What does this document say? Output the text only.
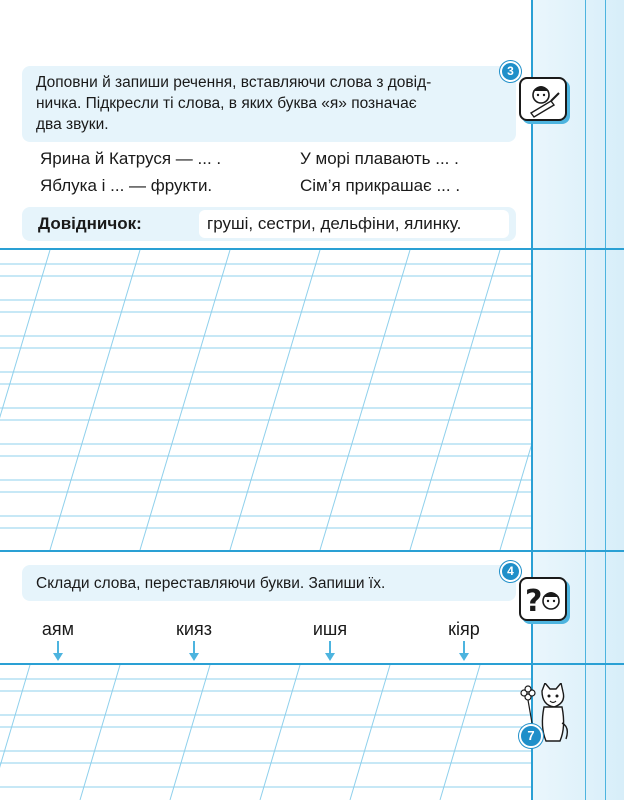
Доповни й запиши речення, вставляючи слова з довід-
ничка. Підкресли ті слова, в яких буква «я» позначає
два звуки.
3
Ярина й Катруся — ... .	У морі плавають ... .
Яблука і ... — фрукти.	Сім’я прикрашає ... .
Довідничок:	груші, сестри, дельфіни, ялинку.
Склади слова, переставляючи букви. Запиши їх.
4
?
аям	кияз	ишя	кіяр
7
